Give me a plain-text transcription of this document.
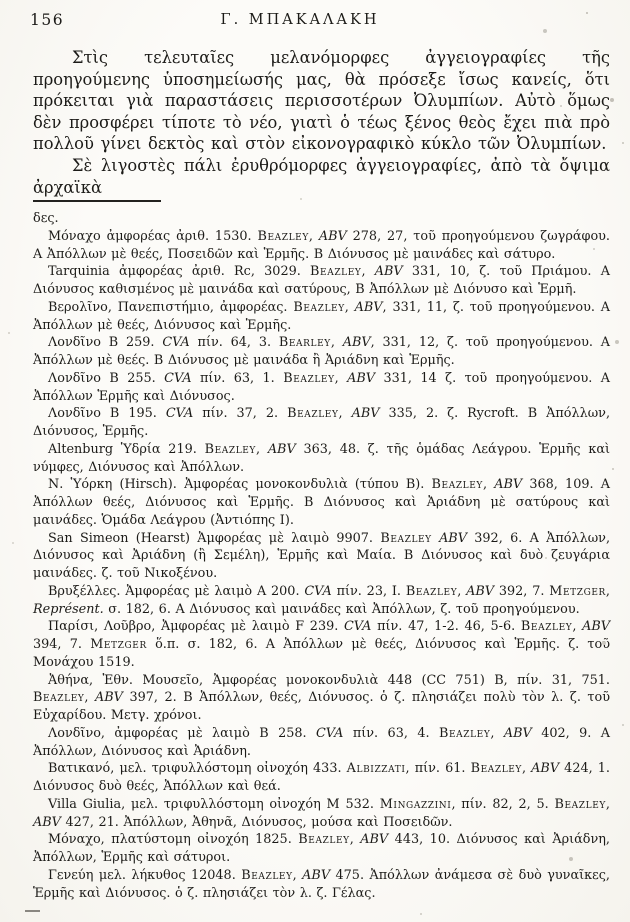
156	Γ. ΜΠΑΚΑΛΑΚΗ

Στὶς τελευταῖες μελανόμορφες ἀγγειογραφίες τῆς προηγούμενης ὑποσημείωσής μας, θὰ πρόσεξε ἴσως κανείς, ὅτι πρόκειται γιὰ παραστάσεις περισσοτέρων Ὀλυμπίων. Αὐτὸ ὅμως δὲν προσφέρει τίποτε τὸ νέο, γιατὶ ὁ τέως ξένος θεὸς ἔχει πιὰ πρὸ πολλοῦ γίνει δεκτὸς καὶ στὸν εἰκονογραφικὸ κύκλο τῶν Ὀλυμπίων.

Σὲ λιγοστὲς πάλι ἐρυθρόμορφες ἀγγειογραφίες, ἀπὸ τὰ ὄψιμα ἀρχαϊκὰ

δες.

Μόναχο ἀμφορέας ἀριθ. 1530. Beazley, ABV 278, 27, τοῦ προηγούμενου ζωγράφου. Α Ἀπόλλων μὲ θεές, Ποσειδῶν καὶ Ἑρμῆς. Β Διόνυσος μὲ μαινάδες καὶ σάτυρο.

Tarquinia ἀμφορέας ἀριθ. Rc, 3029. Beazley, ABV 331, 10, ζ. τοῦ Πριάμου. Α Διόνυσος καθισμένος μὲ μαινάδα καὶ σατύρους, Β Ἀπόλλων μὲ Διόνυσο καὶ Ἑρμῆ.

Βερολῖνο, Πανεπιστήμιο, ἀμφορέας. Beazley, ABV, 331, 11, ζ. τοῦ προηγούμενου. Α Ἀπόλλων μὲ θεές, Διόνυσος καὶ Ἑρμῆς.

Λονδῖνο Β 259. CVA πίν. 64, 3. Bearley, ABV, 331, 12, ζ. τοῦ προηγούμενου. Α Ἀπόλλων μὲ θεές. Β Διόνυσος μὲ μαινάδα ἢ Ἀριάδνη καὶ Ἑρμῆς.

Λονδῖνο Β 255. CVA πίν. 63, 1. Beazley, ABV 331, 14 ζ. τοῦ προηγούμενου. Α Ἀπόλλων Ἑρμῆς καὶ Διόνυσος.

Λονδῖνο Β 195. CVA πίν. 37, 2. Beazley, ABV 335, 2. ζ. Rycroft. Β Ἀπόλλων, Διόνυσος, Ἑρμῆς.

Altenburg Ὑδρία 219. Beazley, ABV 363, 48. ζ. τῆς ὁμάδας Λεάγρου. Ἑρμῆς καὶ νύμφες, Διόνυσος καὶ Ἀπόλλων.

Ν. Ὑόρκη (Hirsch). Ἀμφορέας μονοκονδυλιὰ (τύπου Β). Beazley, ABV 368, 109. Α Ἀπόλλων θεές, Διόνυσος καὶ Ἑρμῆς. Β Διόνυσος καὶ Ἀριάδνη μὲ σατύρους καὶ μαινάδες. Ὁμάδα Λεάγρου (Ἀντιόπης Ι).

San Simeon (Hearst) Ἀμφορέας μὲ λαιμὸ 9907. Beazley ABV 392, 6. Α Ἀπόλλων, Διόνυσος καὶ Ἀριάδνη (ἢ Σεμέλη), Ἑρμῆς καὶ Μαία. Β Διόνυσος καὶ δυὸ ζευγάρια μαινάδες. ζ. τοῦ Νικοξένου.

Βρυξέλλες. Ἀμφορέας μὲ λαιμὸ Α 200. CVA πίν. 23, Ι. Beazley, ABV 392, 7. Metzger, Représent. σ. 182, 6. Α Διόνυσος καὶ μαινάδες καὶ Ἀπόλλων, ζ. τοῦ προηγούμενου.

Παρίσι, Λοῦβρο, Ἀμφορέας μὲ λαιμὸ F 239. CVA πίν. 47, 1-2. 46, 5-6. Beazley, ABV 394, 7. Metzger ὅ.π. σ. 182, 6. Α Ἀπόλλων μὲ θεές, Διόνυσος καὶ Ἑρμῆς. ζ. τοῦ Μονάχου 1519.

Ἀθήνα, Ἐθν. Μουσεῖο, Ἀμφορέας μονοκονδυλιὰ 448 (CC 751) Β, πίν. 31, 751. Beazley, ABV 397, 2. Β Ἀπόλλων, θεές, Διόνυσος. ὁ ζ. πλησιάζει πολὺ τὸν λ. ζ. τοῦ Εὐχαρίδου. Μετγ. χρόνοι.

Λονδῖνο, ἀμφορέας μὲ λαιμὸ Β 258. CVA πίν. 63, 4. Beazley, ABV 402, 9. Α Ἀπόλλων, Διόνυσος καὶ Ἀριάδνη.

Βατικανό, μελ. τριφυλλόστομη οἰνοχόη 433. Albizzati, πίν. 61. Beazley, ABV 424, 1. Διόνυσος δυὸ θεές, Ἀπόλλων καὶ θεά.

Villa Giulia, μελ. τριφυλλόστομη οἰνοχόη Μ 532. Mingazzini, πίν. 82, 2, 5. Beazley, ABV 427, 21. Ἀπόλλων, Ἀθηνᾶ, Διόνυσος, μούσα καὶ Ποσειδῶν.

Μόναχο, πλατύστομη οἰνοχόη 1825. Beazley, ABV 443, 10. Διόνυσος καὶ Ἀριάδνη, Ἀπόλλων, Ἑρμῆς καὶ σάτυροι.

Γενεύη μελ. λήκυθος 12048. Beazley, ABV 475. Ἀπόλλων ἀνάμεσα σὲ δυὸ γυναῖκες, Ἑρμῆς καὶ Διόνυσος. ὁ ζ. πλησιάζει τὸν λ. ζ. Γέλας.
